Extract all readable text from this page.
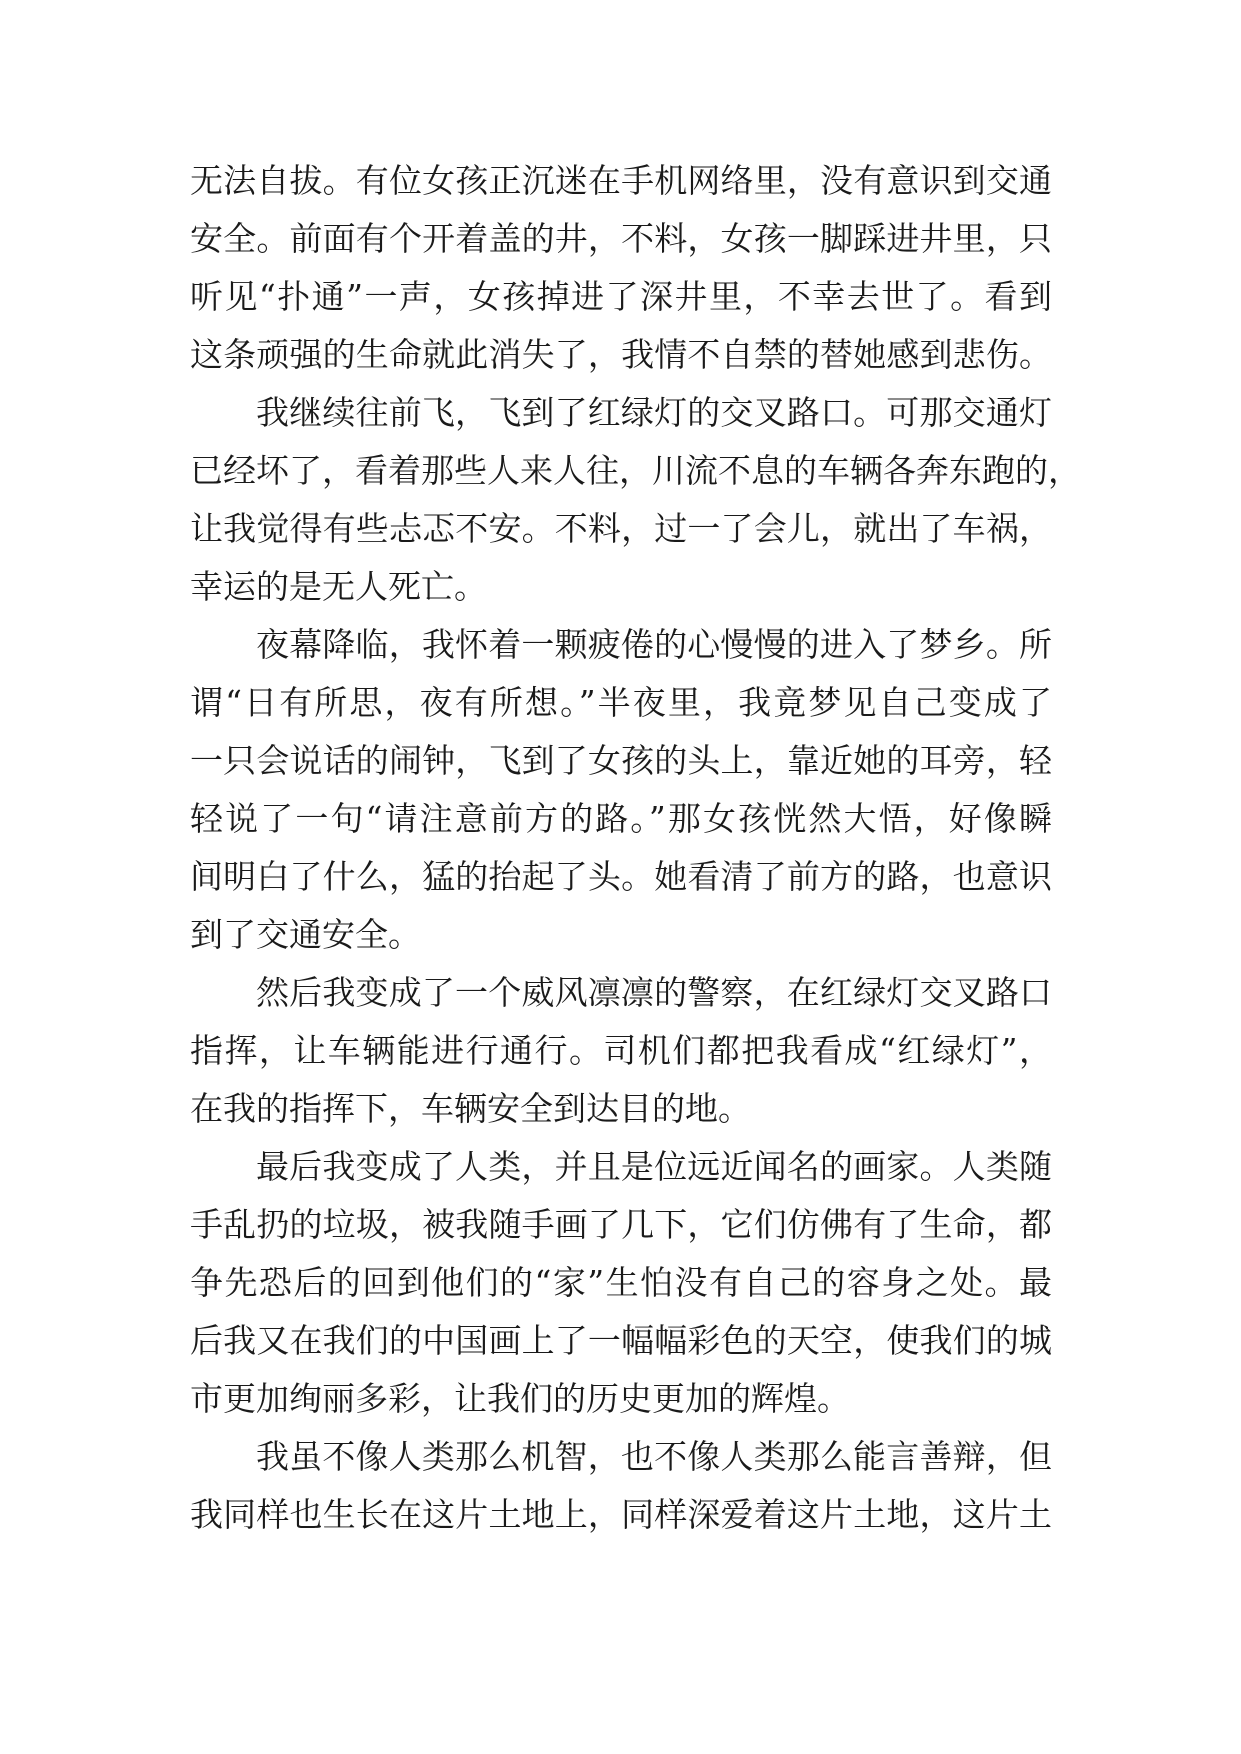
无法自拔。有位女孩正沉迷在手机网络里，没有意识到交通
安全。前面有个开着盖的井，不料，女孩一脚踩进井里，只
听见“扑通”一声，女孩掉进了深井里，不幸去世了。看到
这条顽强的生命就此消失了，我情不自禁的替她感到悲伤。
我继续往前飞，飞到了红绿灯的交叉路口。可那交通灯
已经坏了，看着那些人来人往，川流不息的车辆各奔东跑的，
让我觉得有些忐忑不安。不料，过一了会儿，就出了车祸，
幸运的是无人死亡。
夜幕降临，我怀着一颗疲倦的心慢慢的进入了梦乡。所
谓“日有所思，夜有所想。”半夜里，我竟梦见自己变成了
一只会说话的闹钟，飞到了女孩的头上，靠近她的耳旁，轻
轻说了一句“请注意前方的路。”那女孩恍然大悟，好像瞬
间明白了什么，猛的抬起了头。她看清了前方的路，也意识
到了交通安全。
然后我变成了一个威风凛凛的警察，在红绿灯交叉路口
指挥，让车辆能进行通行。司机们都把我看成“红绿灯”，
在我的指挥下，车辆安全到达目的地。
最后我变成了人类，并且是位远近闻名的画家。人类随
手乱扔的垃圾，被我随手画了几下，它们仿佛有了生命，都
争先恐后的回到他们的“家”生怕没有自己的容身之处。最
后我又在我们的中国画上了一幅幅彩色的天空，使我们的城
市更加绚丽多彩，让我们的历史更加的辉煌。
我虽不像人类那么机智，也不像人类那么能言善辩，但
我同样也生长在这片土地上，同样深爱着这片土地，这片土
